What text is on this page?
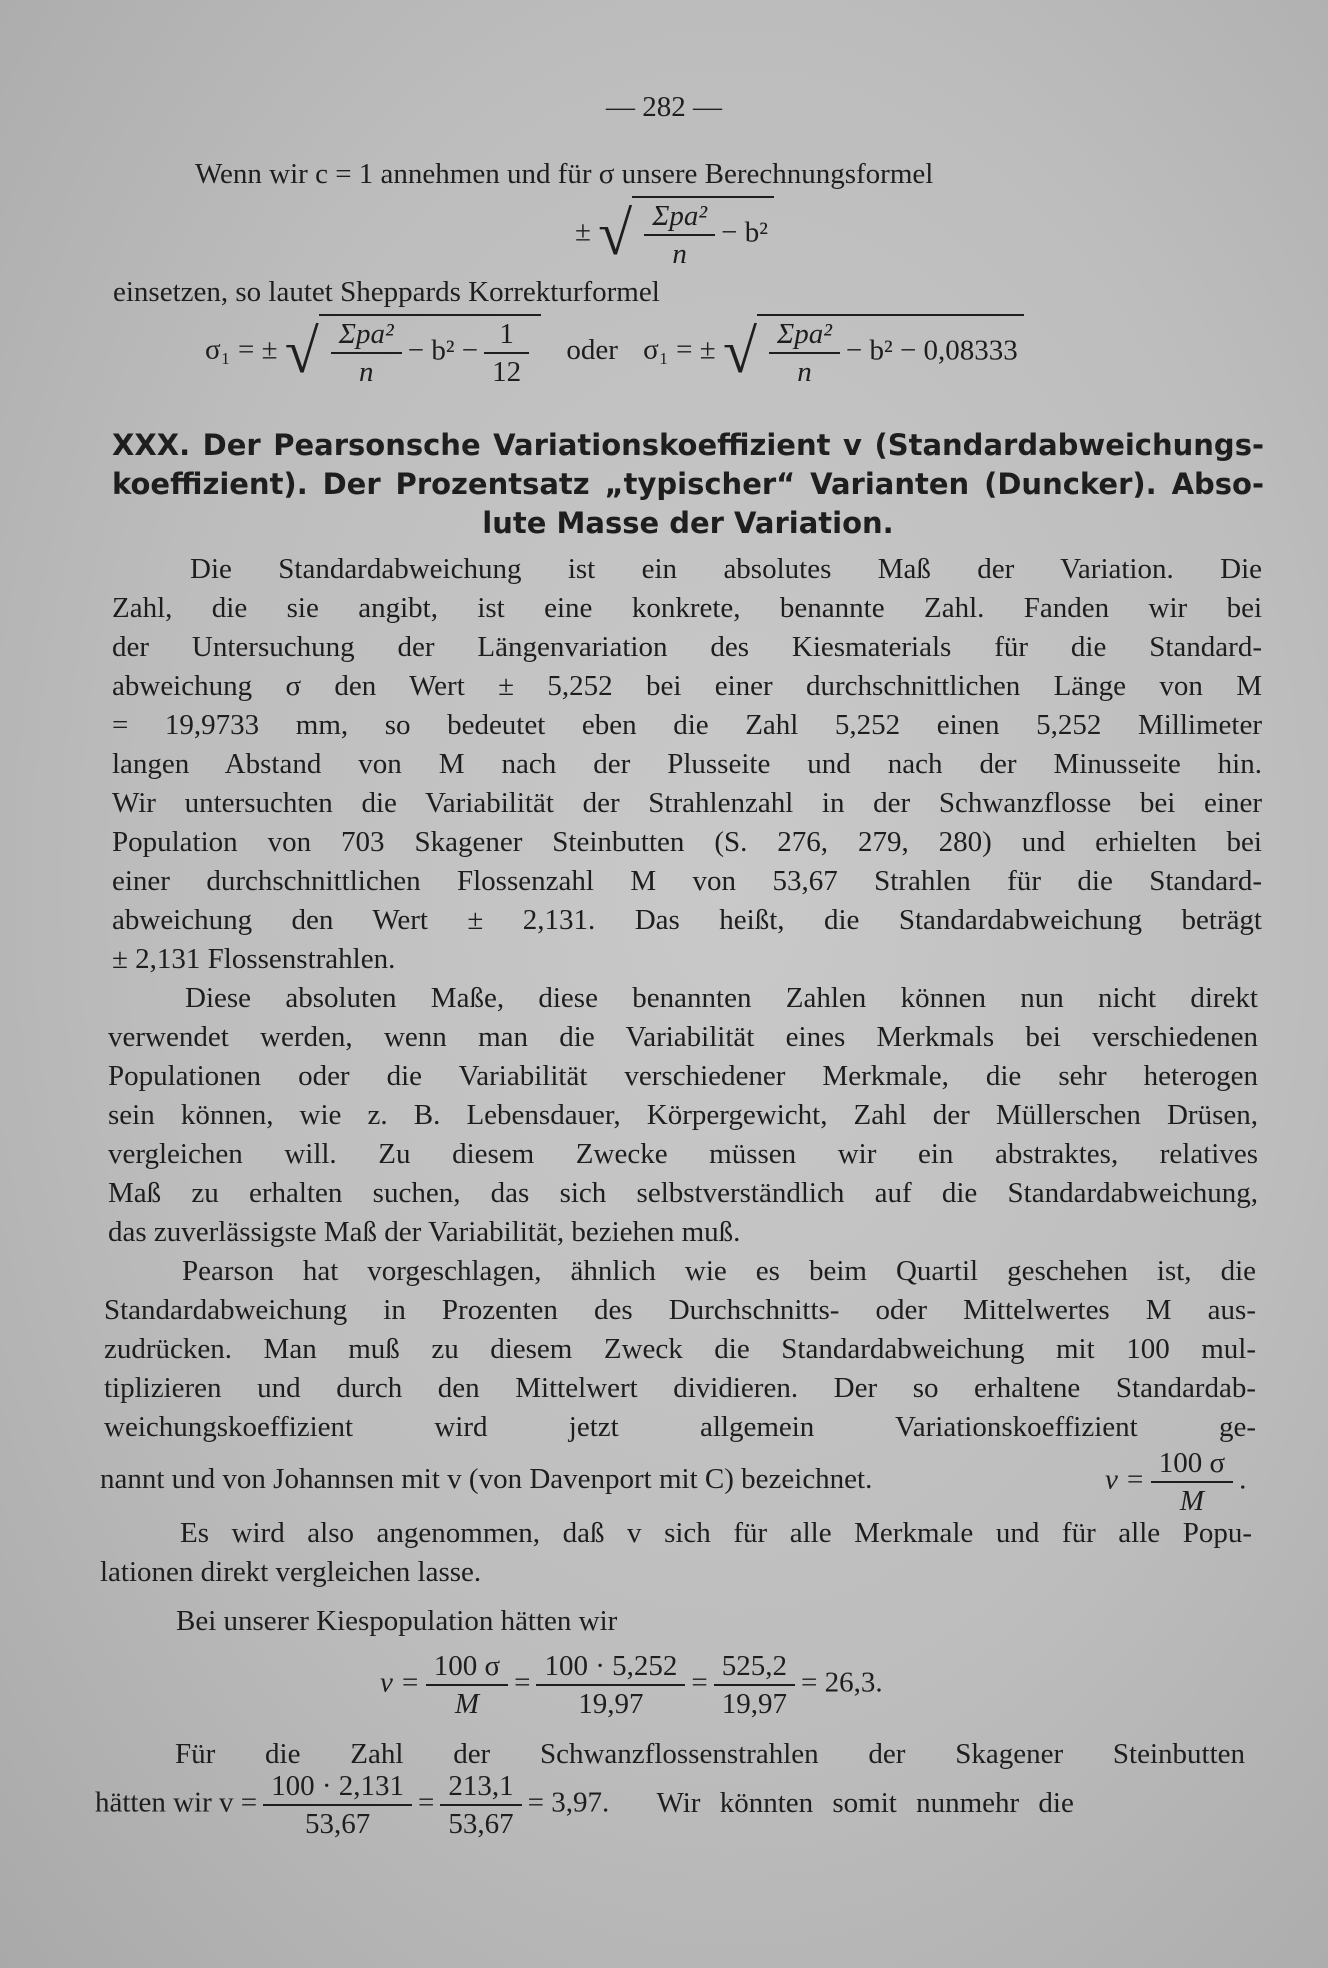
— 282 —
Wenn wir c = 1 annehmen und für σ unsere Berechnungsformel
± √ $\frac{\text{Σpa²}}{n} - b^2$
einsetzen, so lautet Sheppards Korrekturformel
σ₁ = ± √ $\frac{\text{Σpa²}}{n} - b^2 - \frac{1}{12}$ oder σ₁ = ± √ $\frac{\text{Σpa²}}{n} - b^2 - 0,08333$
XXX. Der Pearsonsche Variationskoeffizient v (Standardabweichungs-
koeffizient). Der Prozentsatz „typischer“ Varianten (Duncker). Abso-
lute Masse der Variation.
Die Standardabweichung ist ein absolutes Maß der Variation. Die
Zahl, die sie angibt, ist eine konkrete, benannte Zahl. Fanden wir bei
der Untersuchung der Längenvariation des Kiesmaterials für die Standard-
abweichung σ den Wert ± 5,252 bei einer durchschnittlichen Länge von M
= 19,9733 mm, so bedeutet eben die Zahl 5,252 einen 5,252 Millimeter
langen Abstand von M nach der Plusseite und nach der Minusseite hin.
Wir untersuchten die Variabilität der Strahlenzahl in der Schwanzflosse bei einer
Population von 703 Skagener Steinbutten (S. 276, 279, 280) und erhielten bei
einer durchschnittlichen Flossenzahl M von 53,67 Strahlen für die Standard-
abweichung den Wert ± 2,131. Das heißt, die Standardabweichung beträgt
± 2,131 Flossenstrahlen.
Diese absoluten Maße, diese benannten Zahlen können nun nicht direkt
verwendet werden, wenn man die Variabilität eines Merkmals bei verschiedenen
Populationen oder die Variabilität verschiedener Merkmale, die sehr heterogen
sein können, wie z. B. Lebensdauer, Körpergewicht, Zahl der Müllerschen Drüsen,
vergleichen will. Zu diesem Zwecke müssen wir ein abstraktes, relatives
Maß zu erhalten suchen, das sich selbstverständlich auf die Standardabweichung,
das zuverlässigste Maß der Variabilität, beziehen muß.
Pearson hat vorgeschlagen, ähnlich wie es beim Quartil geschehen ist, die
Standardabweichung in Prozenten des Durchschnitts- oder Mittelwertes M aus-
zudrücken. Man muß zu diesem Zweck die Standardabweichung mit 100 mul-
tiplizieren und durch den Mittelwert dividieren. Der so erhaltene Standardab-
weichungskoeffizient wird jetzt allgemein Variationskoeffizient ge-
nannt und von Johannsen mit v (von Davenport mit C) bezeichnet.	$v = \frac{100 \sigma}{M}$ .
Es wird also angenommen, daß v sich für alle Merkmale und für alle Popu-
lationen direkt vergleichen lasse.
Bei unserer Kiespopulation hätten wir
$v = \frac{100 \sigma}{M} = \frac{100 \cdot 5,252}{19,97} = \frac{525,2}{19,97} = 26,3$.
Für die Zahl der Schwanzflossenstrahlen der Skagener Steinbutten
hätten wir $v = \frac{100 \cdot 2,131}{53,67} = \frac{213,1}{53,67} = 3,97$. Wir könnten somit nunmehr die
